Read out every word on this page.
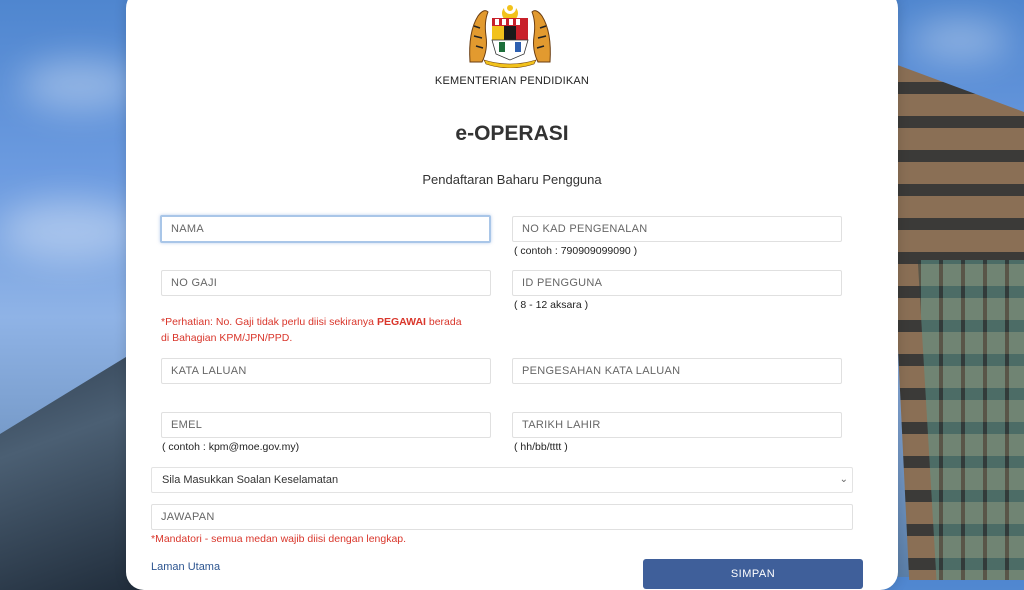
KEMENTERIAN PENDIDIKAN
e-OPERASI
Pendaftaran Baharu Pengguna
NAMA
NO KAD PENGENALAN
( contoh : 790909099090 )
NO GAJI
ID PENGGUNA
( 8 - 12 aksara )
*Perhatian: No. Gaji tidak perlu diisi sekiranya PEGAWAI berada
di Bahagian KPM/JPN/PPD.
EMEL
( contoh : kpm@moe.gov.my)
TARIKH LAHIR	( hh/bb/tttt )
Sila Masukkan Soalan Keselamatan	⌄
JAWAPAN
*Mandatori - semua medan wajib diisi dengan lengkap.
Laman Utama
SIMPAN
